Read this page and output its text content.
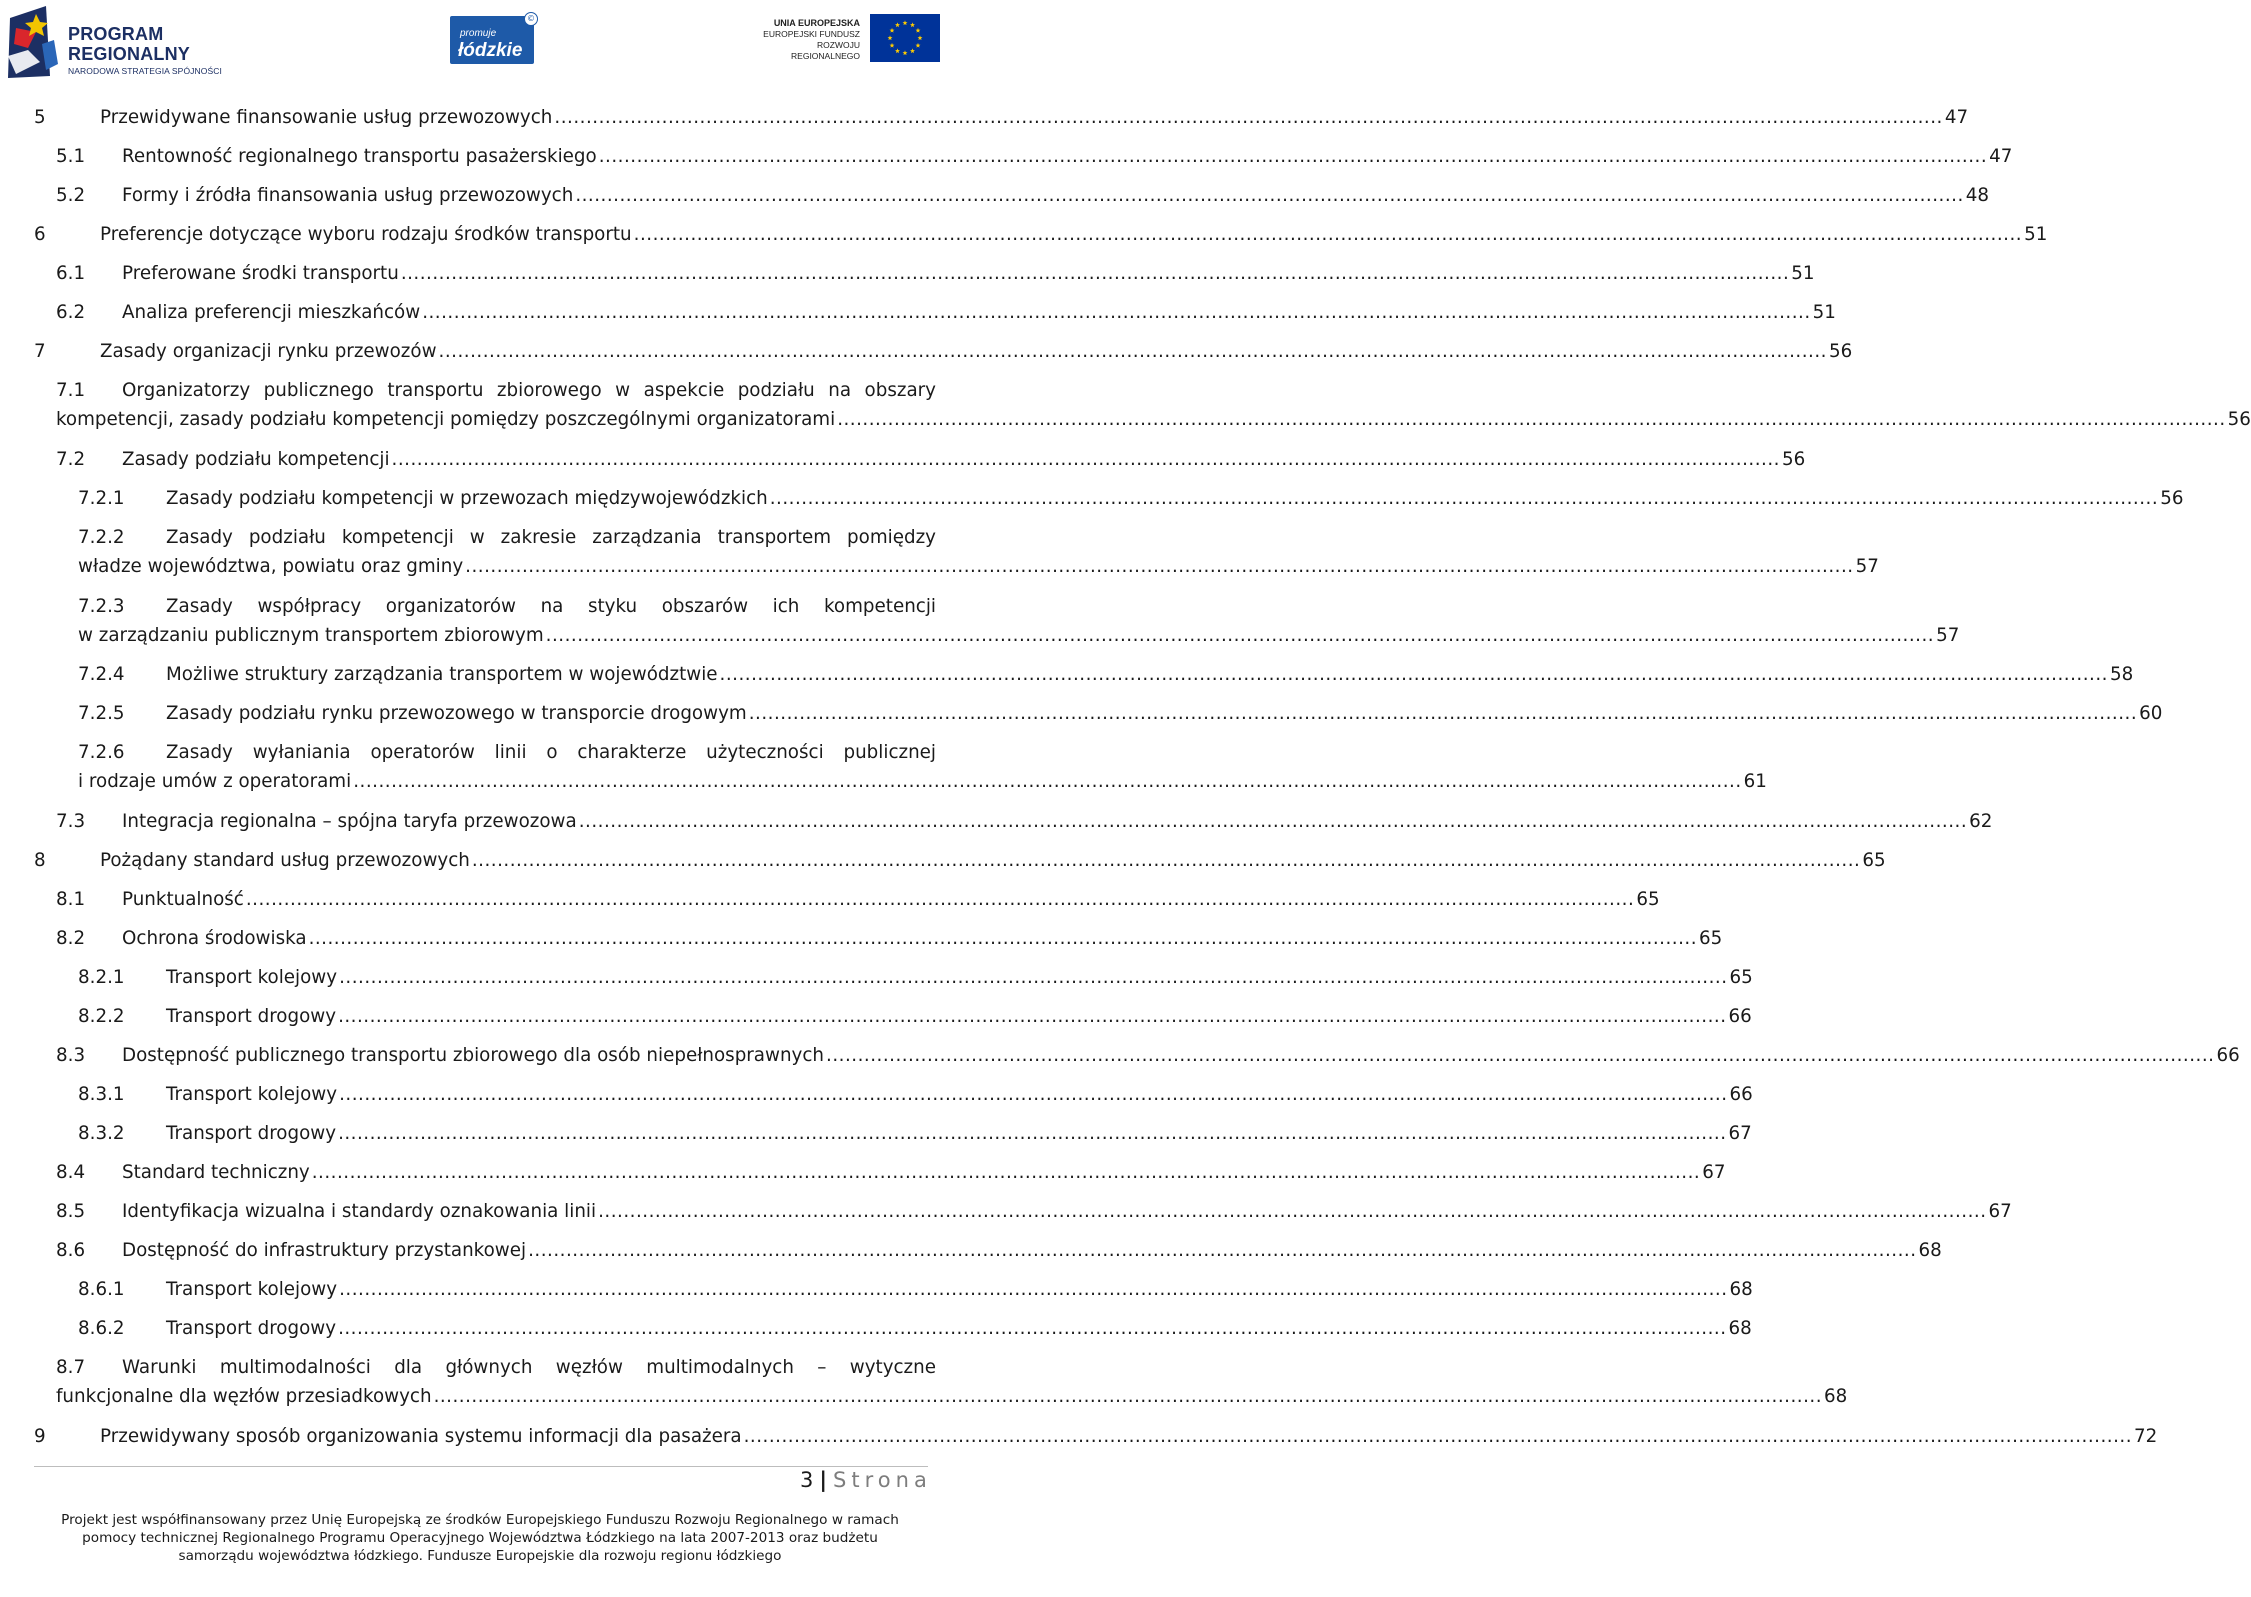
PROGRAM
REGIONALNY
NARODOWA STRATEGIA SPÓJNOŚCI
promuje
łódzkie
©	UNIA EUROPEJSKA
EUROPEJSKI FUNDUSZ
ROZWOJU REGIONALNEGO
5	Przewidywane finansowanie usług przewozowych ............................................................................................................................................................................................................................ 47
5.1	Rentowność regionalnego transportu pasażerskiego ............................................................................................................................................................................................................................ 47
5.2	Formy i źródła finansowania usług przewozowych ............................................................................................................................................................................................................................ 48
6	Preferencje dotyczące wyboru rodzaju środków transportu ............................................................................................................................................................................................................................ 51
6.1	Preferowane środki transportu ............................................................................................................................................................................................................................ 51
6.2	Analiza preferencji mieszkańców ............................................................................................................................................................................................................................ 51
7	Zasady organizacji rynku przewozów ............................................................................................................................................................................................................................ 56
7.1	Organizatorzy publicznego transportu zbiorowego w aspekcie podziału na obszary
kompetencji, zasady podziału kompetencji pomiędzy poszczególnymi organizatorami ............................................................................................................................................................................................................................ 56
7.2	Zasady podziału kompetencji ............................................................................................................................................................................................................................ 56
7.2.1	Zasady podziału kompetencji w przewozach międzywojewódzkich ............................................................................................................................................................................................................................ 56
7.2.2	Zasady podziału kompetencji w zakresie zarządzania transportem pomiędzy
władze województwa, powiatu oraz gminy ............................................................................................................................................................................................................................ 57
7.2.3	Zasady współpracy organizatorów na styku obszarów ich kompetencji
w zarządzaniu publicznym transportem zbiorowym ............................................................................................................................................................................................................................ 57
7.2.4	Możliwe struktury zarządzania transportem w województwie ............................................................................................................................................................................................................................ 58
7.2.5	Zasady podziału rynku przewozowego w transporcie drogowym ............................................................................................................................................................................................................................ 60
7.2.6	Zasady wyłaniania operatorów linii o charakterze użyteczności publicznej
i rodzaje umów z operatorami ............................................................................................................................................................................................................................ 61
7.3	Integracja regionalna – spójna taryfa przewozowa ............................................................................................................................................................................................................................ 62
8	Pożądany standard usług przewozowych ............................................................................................................................................................................................................................ 65
8.1	Punktualność ............................................................................................................................................................................................................................ 65
8.2	Ochrona środowiska ............................................................................................................................................................................................................................ 65
8.2.1	Transport kolejowy ............................................................................................................................................................................................................................ 65
8.2.2	Transport drogowy ............................................................................................................................................................................................................................ 66
8.3	Dostępność publicznego transportu zbiorowego dla osób niepełnosprawnych ............................................................................................................................................................................................................................ 66
8.3.1	Transport kolejowy ............................................................................................................................................................................................................................ 66
8.3.2	Transport drogowy ............................................................................................................................................................................................................................ 67
8.4	Standard techniczny ............................................................................................................................................................................................................................ 67
8.5	Identyfikacja wizualna i standardy oznakowania linii ............................................................................................................................................................................................................................ 67
8.6	Dostępność do infrastruktury przystankowej ............................................................................................................................................................................................................................ 68
8.6.1	Transport kolejowy ............................................................................................................................................................................................................................ 68
8.6.2	Transport drogowy ............................................................................................................................................................................................................................ 68
8.7	Warunki multimodalności dla głównych węzłów multimodalnych – wytyczne
funkcjonalne dla węzłów przesiadkowych ............................................................................................................................................................................................................................ 68
9	Przewidywany sposób organizowania systemu informacji dla pasażera ............................................................................................................................................................................................................................ 72
3 | Strona
Projekt jest współfinansowany przez Unię Europejską ze środków Europejskiego Funduszu Rozwoju Regionalnego w ramach
pomocy technicznej Regionalnego Programu Operacyjnego Województwa Łódzkiego na lata 2007-2013 oraz budżetu
samorządu województwa łódzkiego. Fundusze Europejskie dla rozwoju regionu łódzkiego
